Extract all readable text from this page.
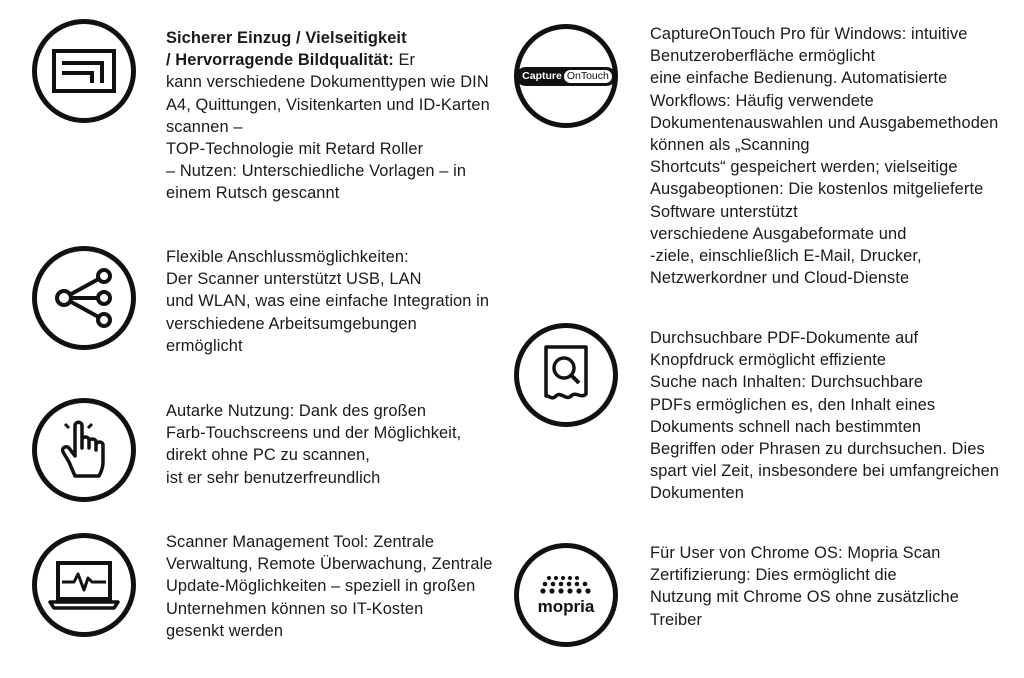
Sicherer Einzug / Vielseitigkeit
/ Hervorragende Bildqualität: Er
kann verschiedene Dokumenttypen wie DIN A4, Quittungen, Visitenkarten und ID-Karten scannen –
TOP-Technologie mit Retard Roller
– Nutzen: Unterschiedliche Vorlagen – in einem Rutsch gescannt
Flexible Anschlussmöglichkeiten:
Der Scanner unterstützt USB, LAN
und WLAN, was eine einfache Integration in verschiedene Arbeitsumgebungen ermöglicht
Autarke Nutzung: Dank des großen
Farb-Touchscreens und der Möglichkeit, direkt ohne PC zu scannen,
ist er sehr benutzerfreundlich
Scanner Management Tool: Zentrale Verwaltung, Remote Überwachung, Zentrale Update-Möglichkeiten – speziell in großen
Unternehmen können so IT-Kosten
gesenkt werden
Capture OnTouch
CaptureOnTouch Pro für Windows: intuitive Benutzeroberfläche ermöglicht
eine einfache Bedienung. Automatisierte Workflows: Häufig verwendete
Dokumentenauswahlen und Ausgabemethoden können als „Scanning
Shortcuts“ gespeichert werden; vielseitige Ausgabeoptionen: Die kostenlos mitgelieferte Software unterstützt
verschiedene Ausgabeformate und
-ziele, einschließlich E-Mail, Drucker,
Netzwerkordner und Cloud-Dienste
Durchsuchbare PDF-Dokumente auf
Knopfdruck ermöglicht effiziente
Suche nach Inhalten: Durchsuchbare
PDFs ermöglichen es, den Inhalt eines
Dokuments schnell nach bestimmten
Begriffen oder Phrasen zu durchsuchen. Dies spart viel Zeit, insbesondere bei umfangreichen Dokumenten
mopria
Für User von Chrome OS: Mopria Scan
Zertifizierung: Dies ermöglicht die
Nutzung mit Chrome OS ohne zusätzliche Treiber
